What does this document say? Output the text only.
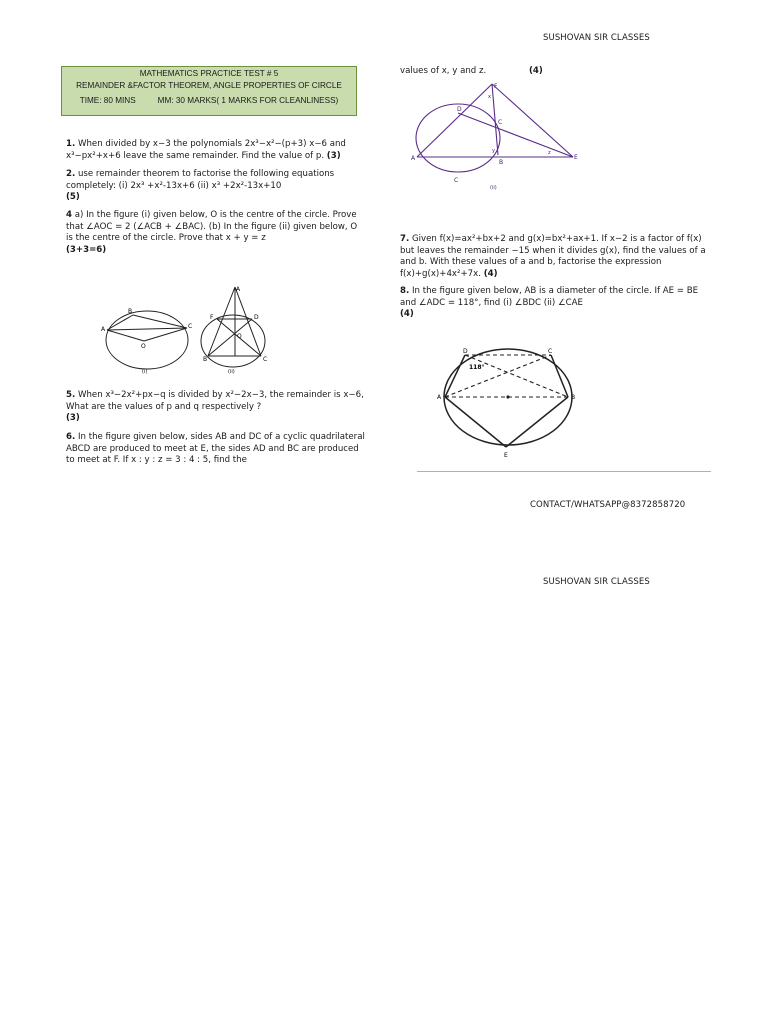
SUSHOVAN SIR CLASSES
MATHEMATICS PRACTICE TEST # 5
REMAINDER &FACTOR THEOREM, ANGLE PROPERTIES OF CIRCLE
TIME: 80 MINS	MM: 30 MARKS( 1 MARKS FOR CLEANLINESS)
1. When divided by x−3 the polynomials 2x³−x²−(p+3) x−6 and x³−px²+x+6 leave the same remainder. Find the value of p. (3)
2. use remainder theorem to factorise the following equations completely: (i) 2x³ +x²-13x+6 (ii) x³ +2x²-13x+10
(5)
4 a) In the figure (i) given below, O is the centre of the circle. Prove that ∠AOC = 2 (∠ACB + ∠BAC). (b) In the figure (ii) given below, O is the centre of the circle. Prove that x + y = z
(3+3=6)
A
B
C
O
(i)
A
F	D
B	C
O
(ii)
5. When x³−2x²+px−q is divided by x²−2x−3, the remainder is x−6, What are the values of p and q respectively ?
(3)
6. In the figure given below, sides AB and DC of a cyclic quadrilateral ABCD are produced to meet at E, the sides AD and BC are produced to meet at F. If x : y : z = 3 : 4 : 5, find the
values of x, y and z.	(4)
A
B
C
D
E
F
x
y	z
C
(ii)
7. Given f(x)=ax²+bx+2 and g(x)=bx²+ax+1. If x−2 is a factor of f(x) but leaves the remainder −15 when it divides g(x), find the values of a and b. With these values of a and b, factorise the expression f(x)+g(x)+4x²+7x. (4)
8. In the figure given below, AB is a diameter of the circle. If AE = BE and ∠ADC = 118°, find (i) ∠BDC (ii) ∠CAE
(4)
A	B
C
D
E
118°
CONTACT/WHATSAPP@8372858720
SUSHOVAN SIR CLASSES
